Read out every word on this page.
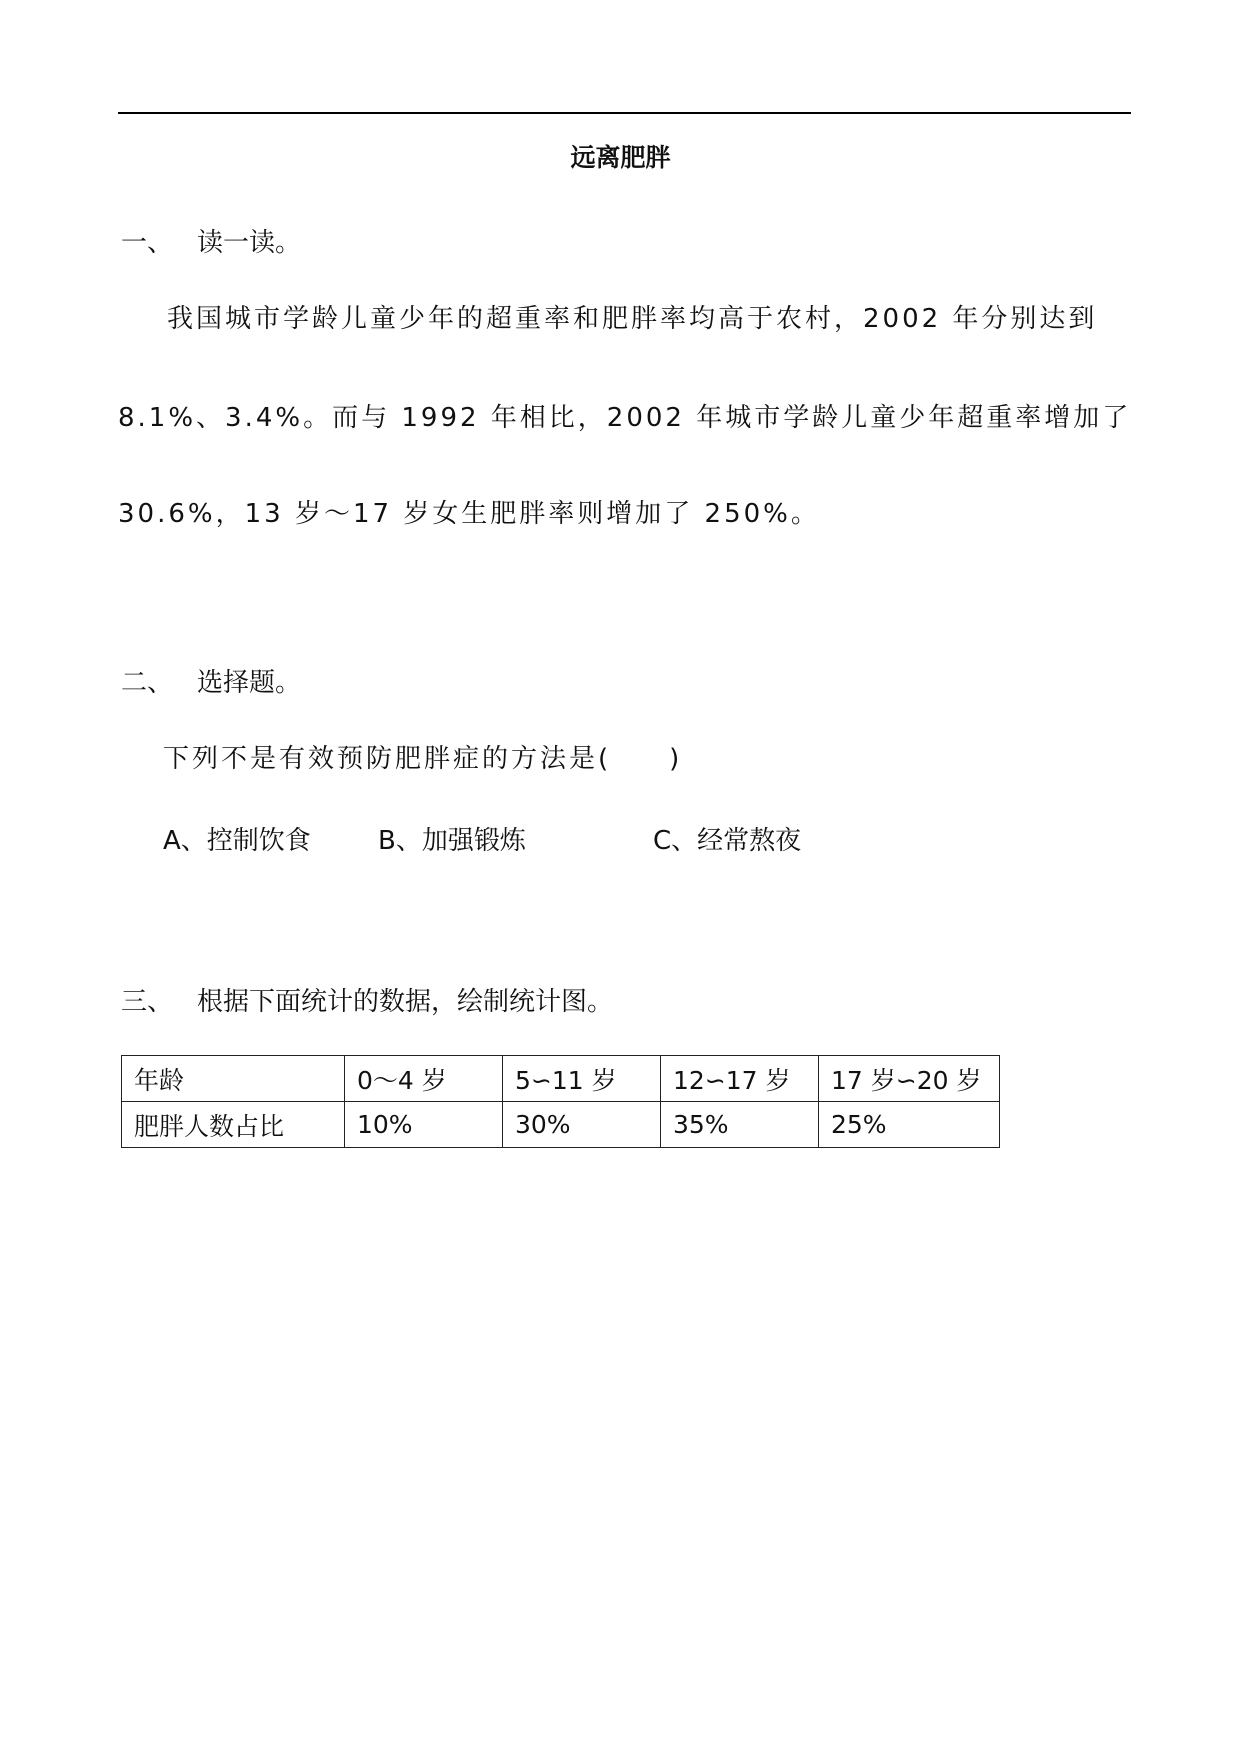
远离肥胖
一、 读一读。
我国城市学龄儿童少年的超重率和肥胖率均高于农村，2002 年分别达到
8.1%、3.4%。而与 1992 年相比，2002 年城市学龄儿童少年超重率增加了
30.6%，13 岁～17 岁女生肥胖率则增加了 250%。
二、 选择题。
下列不是有效预防肥胖症的方法是(　　)
A、控制饮食	B、加强锻炼	C、经常熬夜
三、 根据下面统计的数据，绘制统计图。
年龄	0～4 岁	5∽11 岁	12∽17 岁	17 岁∽20 岁
肥胖人数占比	10%	30%	35%	25%
